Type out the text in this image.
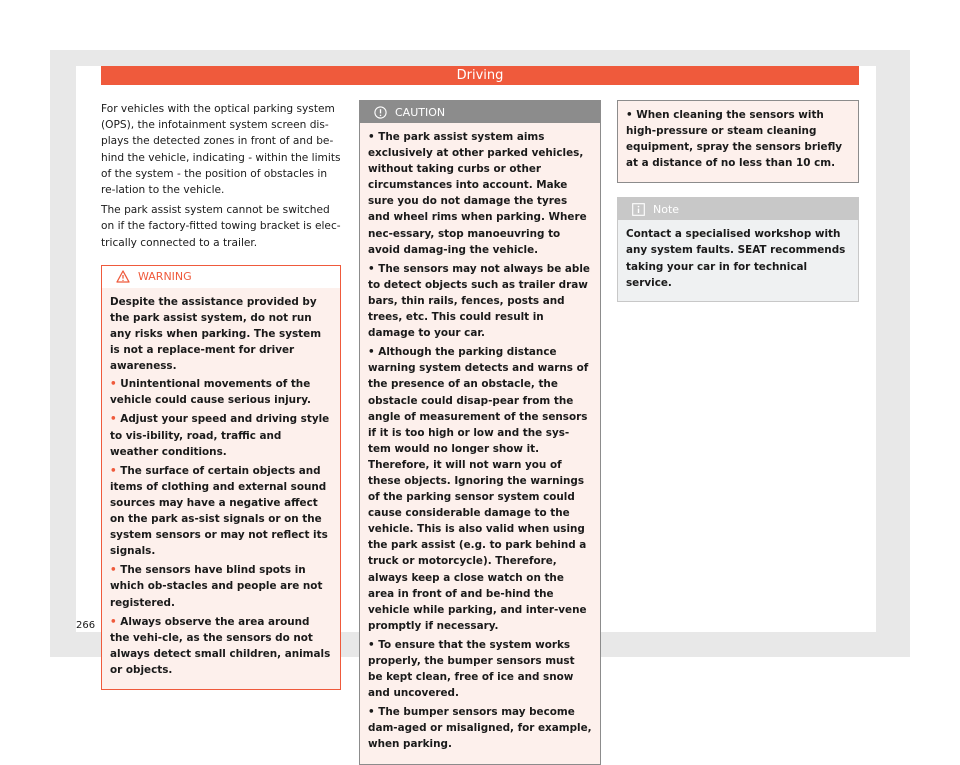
Driving

For vehicles with the optical parking system (OPS), the infotainment system screen dis-plays the detected zones in front of and be-hind the vehicle, indicating - within the limits of the system - the position of obstacles in re-lation to the vehicle.

The park assist system cannot be switched on if the factory-fitted towing bracket is elec-trically connected to a trailer.

WARNING

Despite the assistance provided by the park assist system, do not run any risks when parking. The system is not a replace-ment for driver awareness.

• Unintentional movements of the vehicle could cause serious injury.
• Adjust your speed and driving style to vis-ibility, road, traffic and weather conditions.
• The surface of certain objects and items of clothing and external sound sources may have a negative affect on the park as-sist signals or on the system sensors or may not reflect its signals.
• The sensors have blind spots in which ob-stacles and people are not registered.
• Always observe the area around the vehi-cle, as the sensors do not always detect small children, animals or objects.
CAUTION
• The park assist system aims exclusively at other parked vehicles, without taking curbs or other circumstances into account. Make sure you do not damage the tyres and wheel rims when parking. Where nec-essary, stop manoeuvring to avoid damag-ing the vehicle.
• The sensors may not always be able to detect objects such as trailer draw bars, thin rails, fences, posts and trees, etc. This could result in damage to your car.
• Although the parking distance warning system detects and warns of the presence of an obstacle, the obstacle could disap-pear from the angle of measurement of the sensors if it is too high or low and the sys-tem would no longer show it. Therefore, it will not warn you of these objects. Ignoring the warnings of the parking sensor system could cause considerable damage to the vehicle. This is also valid when using the park assist (e.g. to park behind a truck or motorcycle). Therefore, always keep a close watch on the area in front of and be-hind the vehicle while parking, and inter-vene promptly if necessary.
• To ensure that the system works properly, the bumper sensors must be kept clean, free of ice and snow and uncovered.
• The bumper sensors may become dam-aged or misaligned, for example, when parking.
• When cleaning the sensors with high-pressure or steam cleaning equipment, spray the sensors briefly at a distance of no less than 10 cm.
Note

Contact a specialised workshop with any system faults. SEAT recommends taking your car in for technical service.

266
